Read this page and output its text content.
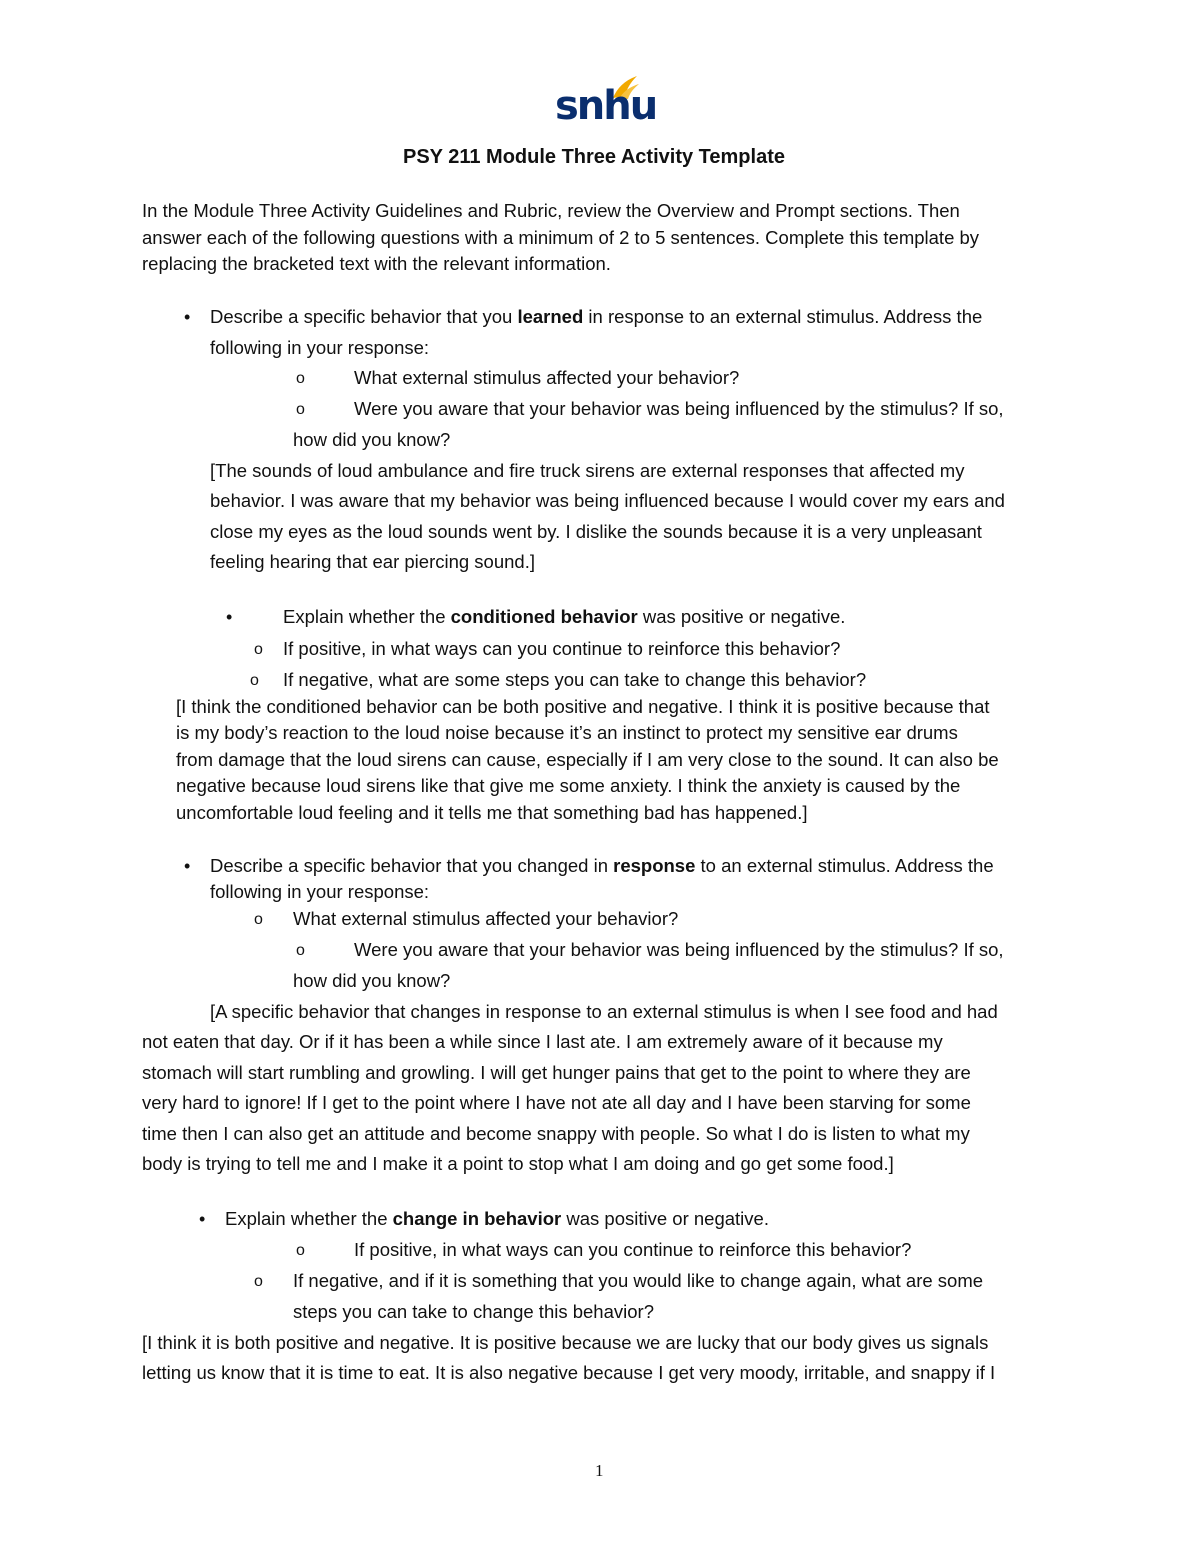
snhu
PSY 211 Module Three Activity Template
In the Module Three Activity Guidelines and Rubric, review the Overview and Prompt sections. Then
answer each of the following questions with a minimum of 2 to 5 sentences. Complete this template by
replacing the bracketed text with the relevant information.
• Describe a specific behavior that you learned in response to an external stimulus. Address the
following in your response:
o	What external stimulus affected your behavior?
o	Were you aware that your behavior was being influenced by the stimulus? If so,
how did you know?
[The sounds of loud ambulance and fire truck sirens are external responses that affected my
behavior. I was aware that my behavior was being influenced because I would cover my ears and
close my eyes as the loud sounds went by. I dislike the sounds because it is a very unpleasant
feeling hearing that ear piercing sound.]
•	Explain whether the conditioned behavior was positive or negative.
o If positive, in what ways can you continue to reinforce this behavior?
o If negative, what are some steps you can take to change this behavior?
[I think the conditioned behavior can be both positive and negative. I think it is positive because that
is my body’s reaction to the loud noise because it’s an instinct to protect my sensitive ear drums
from damage that the loud sirens can cause, especially if I am very close to the sound. It can also be
negative because loud sirens like that give me some anxiety. I think the anxiety is caused by the
uncomfortable loud feeling and it tells me that something bad has happened.]
• Describe a specific behavior that you changed in response to an external stimulus. Address the
following in your response:
o What external stimulus affected your behavior?
o	Were you aware that your behavior was being influenced by the stimulus? If so,
how did you know?
[A specific behavior that changes in response to an external stimulus is when I see food and had
not eaten that day. Or if it has been a while since I last ate. I am extremely aware of it because my
stomach will start rumbling and growling. I will get hunger pains that get to the point to where they are
very hard to ignore! If I get to the point where I have not ate all day and I have been starving for some
time then I can also get an attitude and become snappy with people. So what I do is listen to what my
body is trying to tell me and I make it a point to stop what I am doing and go get some food.]
• Explain whether the change in behavior was positive or negative.
o	If positive, in what ways can you continue to reinforce this behavior?
o If negative, and if it is something that you would like to change again, what are some
steps you can take to change this behavior?
[I think it is both positive and negative. It is positive because we are lucky that our body gives us signals
letting us know that it is time to eat. It is also negative because I get very moody, irritable, and snappy if I
1
